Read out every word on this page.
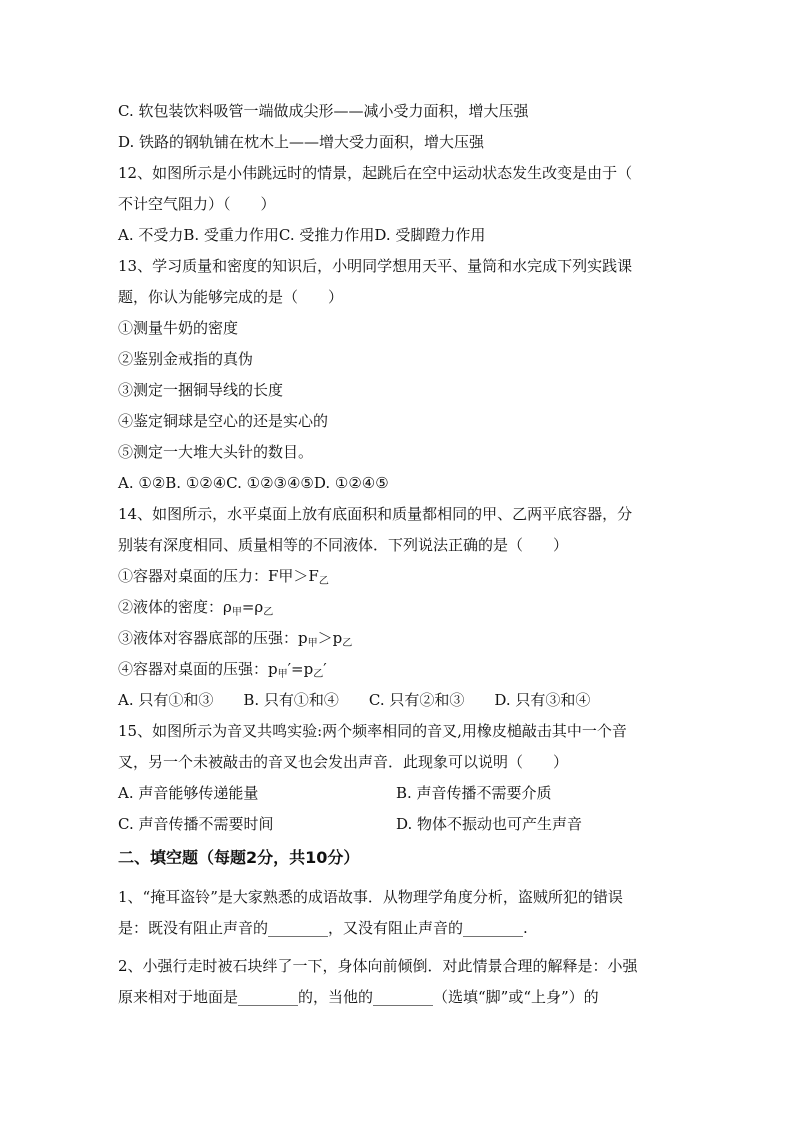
C. 软包装饮料吸管一端做成尖形——减小受力面积，增大压强
D. 铁路的钢轨铺在枕木上——增大受力面积，增大压强
12、如图所示是小伟跳远时的情景，起跳后在空中运动状态发生改变是由于（
不计空气阻力）（　　）
A. 不受力B. 受重力作用C. 受推力作用D. 受脚蹬力作用
13、学习质量和密度的知识后，小明同学想用天平、量筒和水完成下列实践课
题，你认为能够完成的是（　　）
①测量牛奶的密度
②鉴别金戒指的真伪
③测定一捆铜导线的长度
④鉴定铜球是空心的还是实心的
⑤测定一大堆大头针的数目。
A. ①②B. ①②④C. ①②③④⑤D. ①②④⑤
14、如图所示，水平桌面上放有底面积和质量都相同的甲、乙两平底容器，分
别装有深度相同、质量相等的不同液体．下列说法正确的是（　　）
①容器对桌面的压力：F甲$>F_乙$
②液体的密度：$\rho_甲=\rho_乙$
③液体对容器底部的压强：$p_甲>p_乙$
④容器对桌面的压强：$p_甲'=p_乙'$
A. 只有①和③　　B. 只有①和④　　C. 只有②和③　　D. 只有③和④
15、如图所示为音叉共鸣实验:两个频率相同的音叉,用橡皮槌敲击其中一个音
叉，另一个未被敲击的音叉也会发出声音．此现象可以说明（　　）
A. 声音能够传递能量	B. 声音传播不需要介质
C. 声音传播不需要时间	D. 物体不振动也可产生声音
二、填空题（每题2分，共10分）
1、“掩耳盗铃”是大家熟悉的成语故事．从物理学角度分析，盗贼所犯的错误
是：既没有阻止声音的________，又没有阻止声音的________.
2、小强行走时被石块绊了一下，身体向前倾倒．对此情景合理的解释是：小强
原来相对于地面是________的，当他的________（选填“脚”或“上身”）的
